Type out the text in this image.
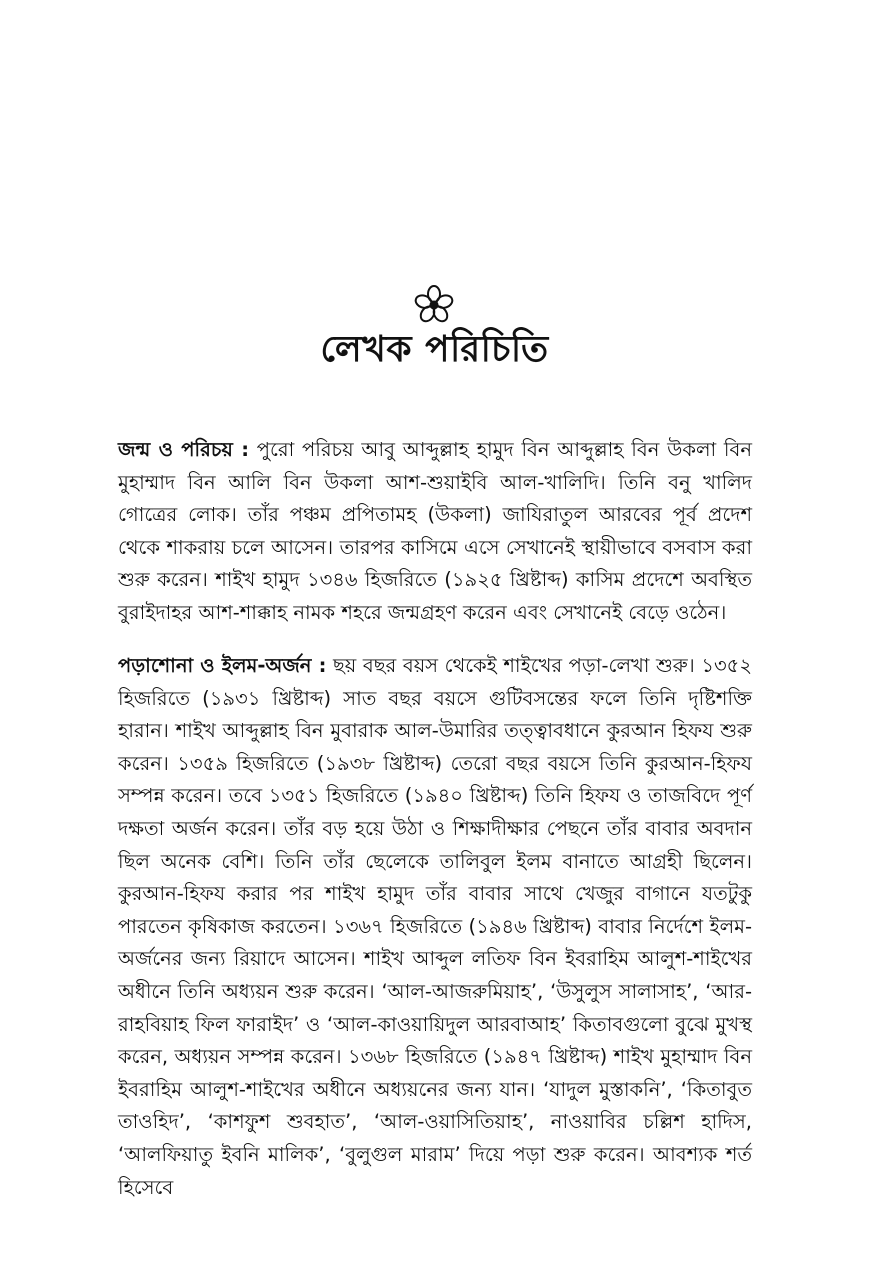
লেখক পরিচিতি
জন্ম ও পরিচয় : পুরো পরিচয় আবু আব্দুল্লাহ হামুদ বিন আব্দুল্লাহ বিন উকলা বিন মুহাম্মাদ বিন আলি বিন উকলা আশ-শুয়াইবি আল-খালিদি। তিনি বনু খালিদ গোত্রের লোক। তাঁর পঞ্চম প্রপিতামহ (উকলা) জাযিরাতুল আরবের পূর্ব প্রদেশ থেকে শাকরায় চলে আসেন। তারপর কাসিমে এসে সেখানেই স্থায়ীভাবে বসবাস করা শুরু করেন। শাইখ হামুদ ১৩৪৬ হিজরিতে (১৯২৫ খ্রিষ্টাব্দ) কাসিম প্রদেশে অবস্থিত বুরাইদাহর আশ-শাক্কাহ নামক শহরে জন্মগ্রহণ করেন এবং সেখানেই বেড়ে ওঠেন।
পড়াশোনা ও ইলম-অর্জন : ছয় বছর বয়স থেকেই শাইখের পড়া-লেখা শুরু। ১৩৫২ হিজরিতে (১৯৩১ খ্রিষ্টাব্দ) সাত বছর বয়সে গুটিবসন্তের ফলে তিনি দৃষ্টিশক্তি হারান। শাইখ আব্দুল্লাহ বিন মুবারাক আল-উমারির তত্ত্বাবধানে কুরআন হিফয শুরু করেন। ১৩৫৯ হিজরিতে (১৯৩৮ খ্রিষ্টাব্দ) তেরো বছর বয়সে তিনি কুরআন-হিফয সম্পন্ন করেন। তবে ১৩৫১ হিজরিতে (১৯৪০ খ্রিষ্টাব্দ) তিনি হিফয ও তাজবিদে পূর্ণ দক্ষতা অর্জন করেন। তাঁর বড় হয়ে উঠা ও শিক্ষাদীক্ষার পেছনে তাঁর বাবার অবদান ছিল অনেক বেশি। তিনি তাঁর ছেলেকে তালিবুল ইলম বানাতে আগ্রহী ছিলেন। কুরআন-হিফয করার পর শাইখ হামুদ তাঁর বাবার সাথে খেজুর বাগানে যতটুকু পারতেন কৃষিকাজ করতেন। ১৩৬৭ হিজরিতে (১৯৪৬ খ্রিষ্টাব্দ) বাবার নির্দেশে ইলম-অর্জনের জন্য রিয়াদে আসেন। শাইখ আব্দুল লতিফ বিন ইবরাহিম আলুশ-শাইখের অধীনে তিনি অধ্যয়ন শুরু করেন। ‘আল-আজরুমিয়াহ’, ‘উসুলুস সালাসাহ’, ‘আর-রাহবিয়াহ ফিল ফারাইদ’ ও ‘আল-কাওয়ায়িদুল আরবাআহ’ কিতাবগুলো বুঝে মুখস্থ করেন, অধ্যয়ন সম্পন্ন করেন। ১৩৬৮ হিজরিতে (১৯৪৭ খ্রিষ্টাব্দ) শাইখ মুহাম্মাদ বিন ইবরাহিম আলুশ-শাইখের অধীনে অধ্যয়নের জন্য যান। ‘যাদুল মুস্তাকনি’, ‘কিতাবুত তাওহিদ’, ‘কাশফুশ শুবহাত’, ‘আল-ওয়াসিতিয়াহ’, নাওয়াবির চল্লিশ হাদিস, ‘আলফিয়াতু ইবনি মালিক’, ‘বুলুগুল মারাম’ দিয়ে পড়া শুরু করেন। আবশ্যক শর্ত হিসেবে
